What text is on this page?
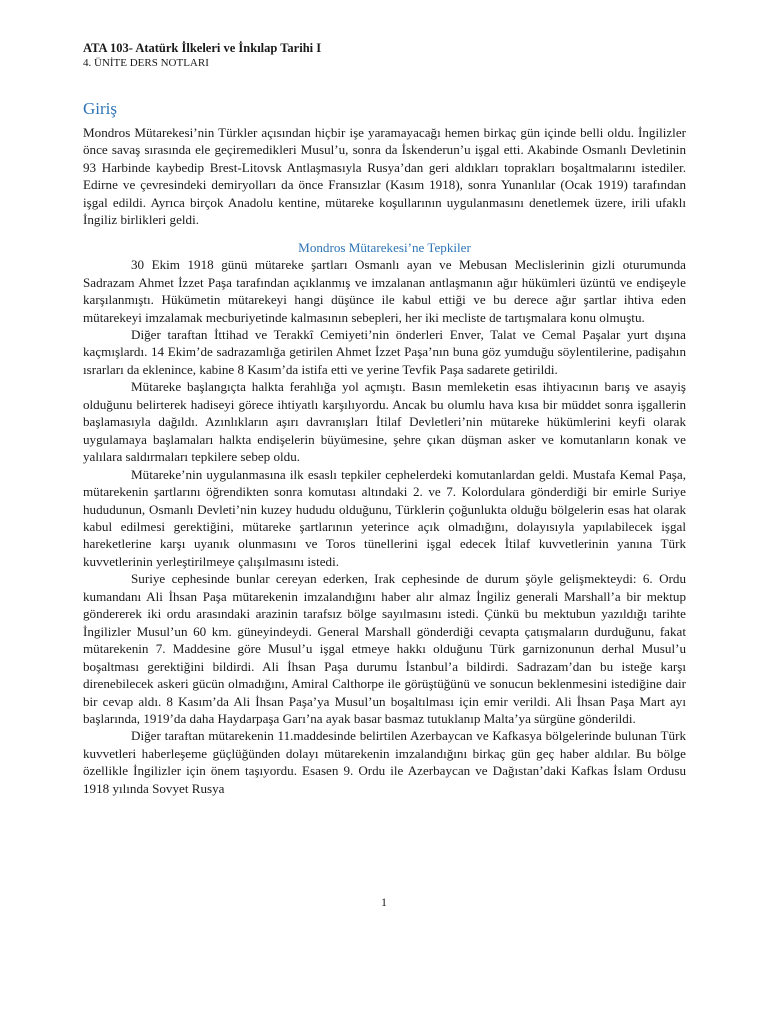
ATA 103- Atatürk İlkeleri ve İnkılap Tarihi I
4. ÜNİTE DERS NOTLARI
Giriş

Mondros Mütarekesi’nin Türkler açısından hiçbir işe yaramayacağı hemen birkaç gün içinde belli oldu. İngilizler önce savaş sırasında ele geçiremedikleri Musul’u, sonra da İskenderun’u işgal etti. Akabinde Osmanlı Devletinin 93 Harbinde kaybedip Brest-Litovsk Antlaşmasıyla Rusya’dan geri aldıkları toprakları boşaltmalarını istediler. Edirne ve çevresindeki demiryolları da önce Fransızlar (Kasım 1918), sonra Yunanlılar (Ocak 1919) tarafından işgal edildi. Ayrıca birçok Anadolu kentine, mütareke koşullarının uygulanmasını denetlemek üzere, irili ufaklı İngiliz birlikleri geldi.

Mondros Mütarekesi’ne Tepkiler

30 Ekim 1918 günü mütareke şartları Osmanlı ayan ve Mebusan Meclislerinin gizli oturumunda Sadrazam Ahmet İzzet Paşa tarafından açıklanmış ve imzalanan antlaşmanın ağır hükümleri üzüntü ve endişeyle karşılanmıştı. Hükümetin mütarekeyi hangi düşünce ile kabul ettiği ve bu derece ağır şartlar ihtiva eden mütarekeyi imzalamak mecburiyetinde kalmasının sebepleri, her iki mecliste de tartışmalara konu olmuştu.

Diğer taraftan İttihad ve Terakkî Cemiyeti’nin önderleri Enver, Talat ve Cemal Paşalar yurt dışına kaçmışlardı. 14 Ekim’de sadrazamlığa getirilen Ahmet İzzet Paşa’nın buna göz yumduğu söylentilerine, padişahın ısrarları da eklenince, kabine 8 Kasım’da istifa etti ve yerine Tevfik Paşa sadarete getirildi.

Mütareke başlangıçta halkta ferahlığa yol açmıştı. Basın memleketin esas ihtiyacının barış ve asayiş olduğunu belirterek hadiseyi görece ihtiyatlı karşılıyordu. Ancak bu olumlu hava kısa bir müddet sonra işgallerin başlamasıyla dağıldı. Azınlıkların aşırı davranışları İtilaf Devletleri’nin mütareke hükümlerini keyfi olarak uygulamaya başlamaları halkta endişelerin büyümesine, şehre çıkan düşman asker ve komutanların konak ve yalılara saldırmaları tepkilere sebep oldu.

Mütareke’nin uygulanmasına ilk esaslı tepkiler cephelerdeki komutanlardan geldi. Mustafa Kemal Paşa, mütarekenin şartlarını öğrendikten sonra komutası altındaki 2. ve 7. Kolordulara gönderdiği bir emirle Suriye hududunun, Osmanlı Devleti’nin kuzey hududu olduğunu, Türklerin çoğunlukta olduğu bölgelerin esas hat olarak kabul edilmesi gerektiğini, mütareke şartlarının yeterince açık olmadığını, dolayısıyla yapılabilecek işgal hareketlerine karşı uyanık olunmasını ve Toros tünellerini işgal edecek İtilaf kuvvetlerinin yanına Türk kuvvetlerinin yerleştirilmeye çalışılmasını istedi.

Suriye cephesinde bunlar cereyan ederken, Irak cephesinde de durum şöyle gelişmekteydi: 6. Ordu kumandanı Ali İhsan Paşa mütarekenin imzalandığını haber alır almaz İngiliz generali Marshall’a bir mektup göndererek iki ordu arasındaki arazinin tarafsız bölge sayılmasını istedi. Çünkü bu mektubun yazıldığı tarihte İngilizler Musul’un 60 km. güneyindeydi. General Marshall gönderdiği cevapta çatışmaların durduğunu, fakat mütarekenin 7. Maddesine göre Musul’u işgal etmeye hakkı olduğunu Türk garnizonunun derhal Musul’u boşaltması gerektiğini bildirdi. Ali İhsan Paşa durumu İstanbul’a bildirdi. Sadrazam’dan bu isteğe karşı direnebilecek askeri gücün olmadığını, Amiral Calthorpe ile görüştüğünü ve sonucun beklenmesini istediğine dair bir cevap aldı. 8 Kasım’da Ali İhsan Paşa’ya Musul’un boşaltılması için emir verildi. Ali İhsan Paşa Mart ayı başlarında, 1919’da daha Haydarpaşa Garı’na ayak basar basmaz tutuklanıp Malta’ya sürgüne gönderildi.

Diğer taraftan mütarekenin 11.maddesinde belirtilen Azerbaycan ve Kafkasya bölgelerinde bulunan Türk kuvvetleri haberleşeme güçlüğünden dolayı mütarekenin imzalandığını birkaç gün geç haber aldılar. Bu bölge özellikle İngilizler için önem taşıyordu. Esasen 9. Ordu ile Azerbaycan ve Dağıstan’daki Kafkas İslam Ordusu 1918 yılında Sovyet Rusya

1
